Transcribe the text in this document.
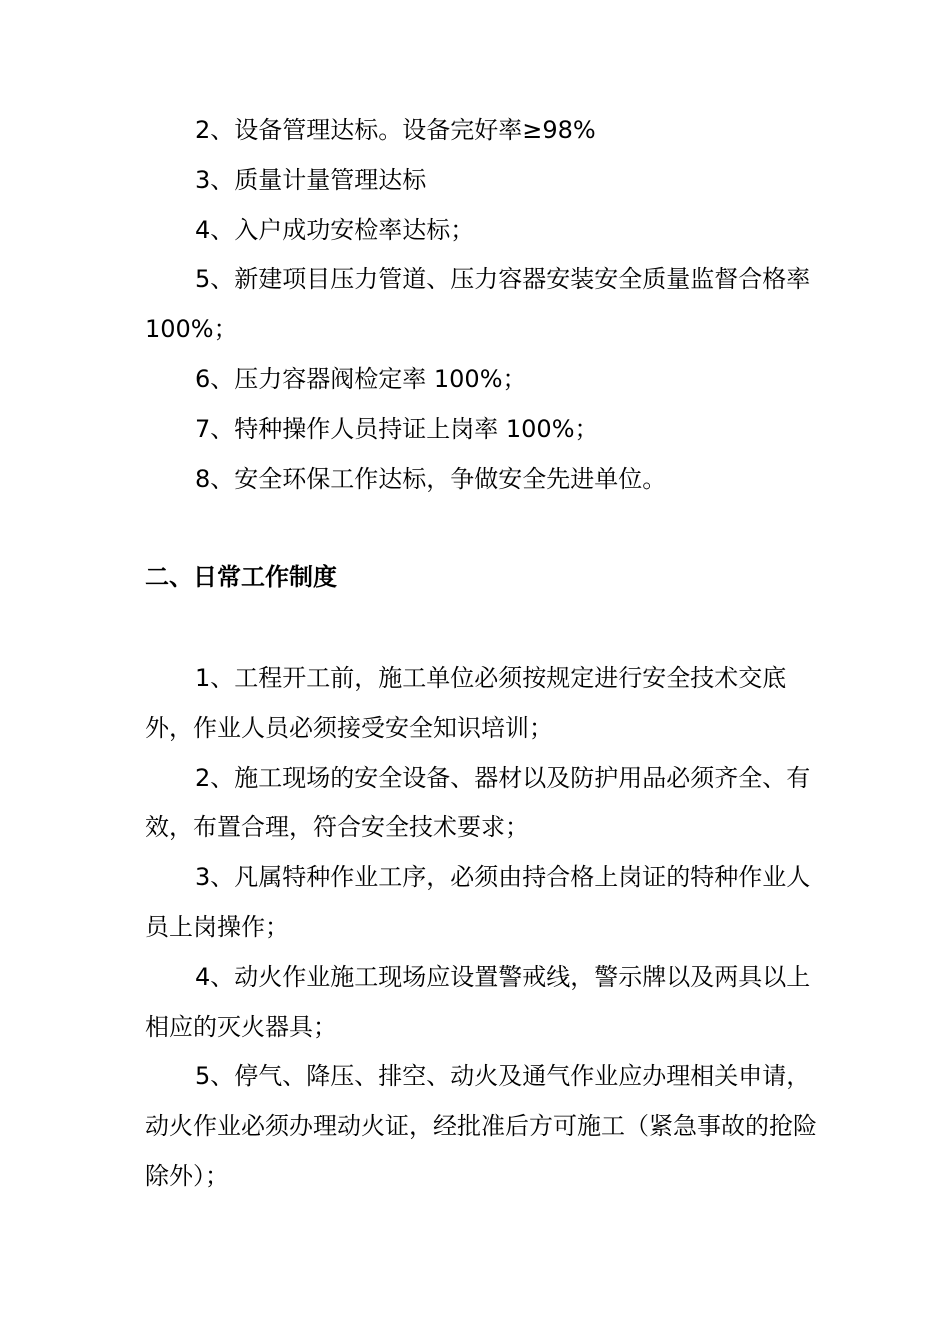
2、设备管理达标。设备完好率≥98%

3、质量计量管理达标

4、入户成功安检率达标；

5、新建项目压力管道、压力容器安装安全质量监督合格率 100%；

6、压力容器阀检定率 100%；

7、特种操作人员持证上岗率 100%；

8、安全环保工作达标，争做安全先进单位。

二、日常工作制度

1、工程开工前，施工单位必须按规定进行安全技术交底外，作业人员必须接受安全知识培训；

2、施工现场的安全设备、器材以及防护用品必须齐全、有效，布置合理，符合安全技术要求；

3、凡属特种作业工序，必须由持合格上岗证的特种作业人员上岗操作；

4、动火作业施工现场应设置警戒线，警示牌以及两具以上相应的灭火器具；

5、停气、降压、排空、动火及通气作业应办理相关申请，动火作业必须办理动火证，经批准后方可施工（紧急事故的抢险除外）；
